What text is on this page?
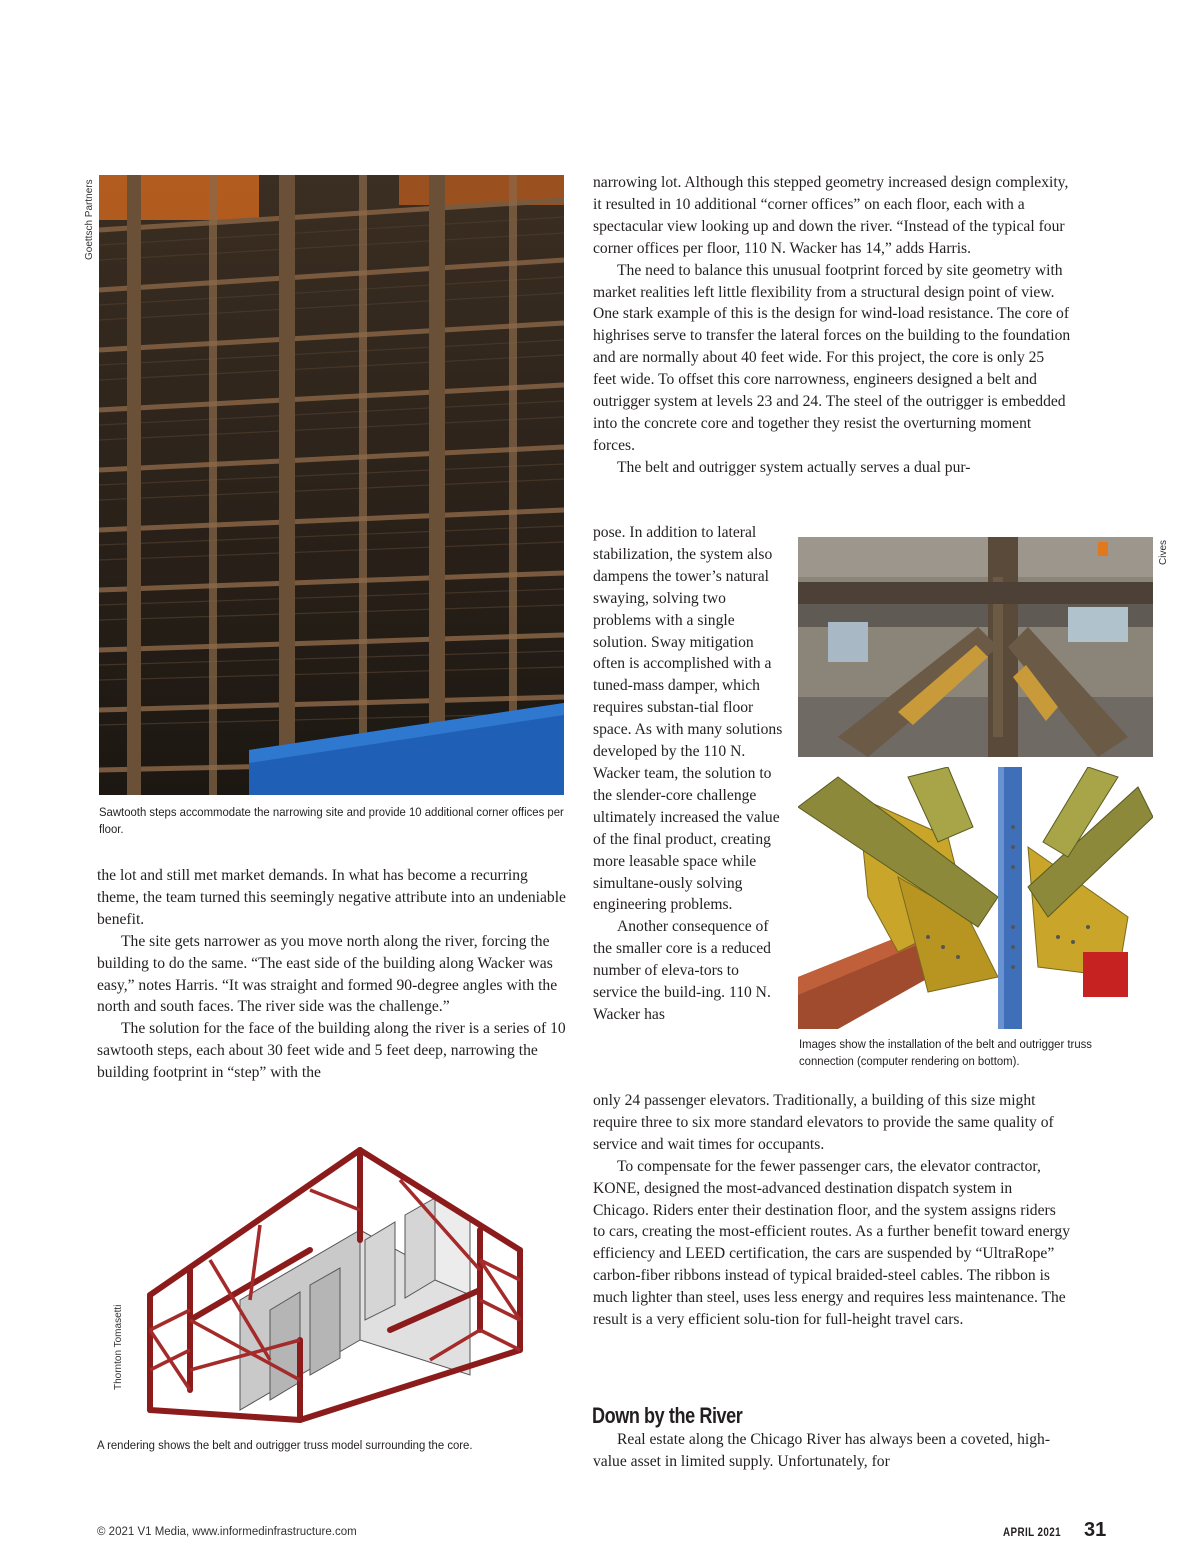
Goettsch Partners
Sawtooth steps accommodate the narrowing site and provide 10 additional corner offices per floor.

the lot and still met market demands. In what has become a recurring theme, the team turned this seemingly negative attribute into an undeniable benefit.

The site gets narrower as you move north along the river, forcing the building to do the same. “The east side of the building along Wacker was easy,” notes Harris. “It was straight and formed 90-degree angles with the north and south faces. The river side was the challenge.”

The solution for the face of the building along the river is a series of 10 sawtooth steps, each about 30 feet wide and 5 feet deep, narrowing the building footprint in “step” with the

Thornton Tomasetti
A rendering shows the belt and outrigger truss model surrounding the core.

narrowing lot. Although this stepped geometry increased design complexity, it resulted in 10 additional “corner offices” on each floor, each with a spectacular view looking up and down the river. “Instead of the typical four corner offices per floor, 110 N. Wacker has 14,” adds Harris.

The need to balance this unusual footprint forced by site geometry with market realities left little flexibility from a structural design point of view. One stark example of this is the design for wind-load resistance. The core of highrises serve to transfer the lateral forces on the building to the foundation and are normally about 40 feet wide. For this project, the core is only 25 feet wide. To offset this core narrowness, engineers designed a belt and outrigger system at levels 23 and 24. The steel of the outrigger is embedded into the concrete core and together they resist the overturning moment forces.

The belt and outrigger system actually serves a dual pur-

pose. In addition to lateral stabilization, the system also dampens the tower’s natural swaying, solving two problems with a single solution. Sway mitigation often is accomplished with a tuned-mass damper, which requires substan-tial floor space. As with many solutions developed by the 110 N. Wacker team, the solution to the slender-core challenge ultimately increased the value of the final product, creating more leasable space while simultane-ously solving engineering problems.

Another consequence of the smaller core is a reduced number of eleva-tors to service the build-ing. 110 N. Wacker has

only 24 passenger elevators. Traditionally, a building of this size might require three to six more standard elevators to provide the same quality of service and wait times for occupants.

To compensate for the fewer passenger cars, the elevator contractor, KONE, designed the most-advanced destination dispatch system in Chicago. Riders enter their destination floor, and the system assigns riders to cars, creating the most-efficient routes. As a further benefit toward energy efficiency and LEED certification, the cars are suspended by “UltraRope” carbon-fiber ribbons instead of typical braided-steel cables. The ribbon is much lighter than steel, uses less energy and requires less maintenance. The result is a very efficient solu-tion for full-height travel cars.

Down by the River

Real estate along the Chicago River has always been a coveted, high-value asset in limited supply. Unfortunately, for

Cives
Images show the installation of the belt and outrigger truss connection (computer rendering on bottom).
© 2021 V1 Media, www.informedinfrastructure.com	APRIL 2021 31
